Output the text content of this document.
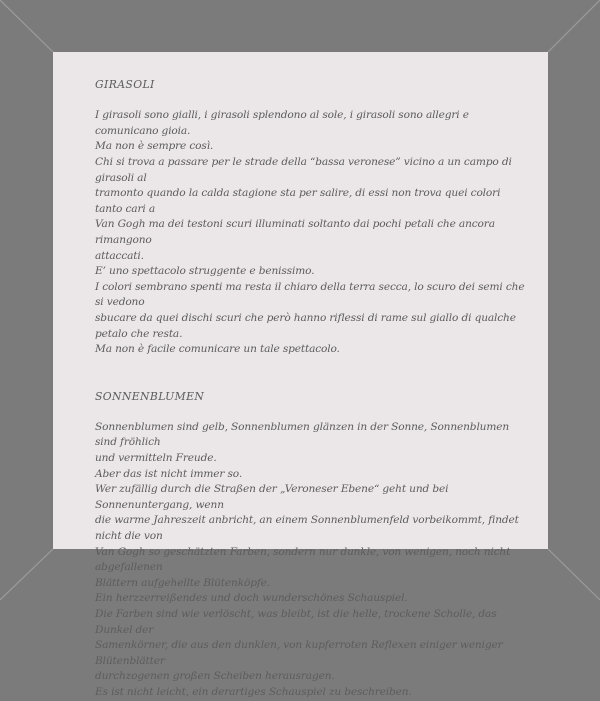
GIRASOLI
I girasoli sono gialli, i girasoli splendono al sole, i girasoli sono allegri e comunicano gioia.
Ma non è sempre così.
Chi si trova a passare per le strade della “bassa veronese” vicino a un campo di girasoli al
tramonto quando la calda stagione sta per salire, di essi non trova quei colori tanto cari a
Van Gogh ma dei testoni scuri illuminati soltanto dai pochi petali che ancora rimangono
attaccati.
E’ uno spettacolo struggente e benissimo.
I colori sembrano spenti ma resta il chiaro della terra secca, lo scuro dei semi che si vedono
sbucare da quei dischi scuri che però hanno riflessi di rame sul giallo di qualche petalo che resta.
Ma non è facile comunicare un tale spettacolo.
SONNENBLUMEN
Sonnenblumen sind gelb, Sonnenblumen glänzen in der Sonne, Sonnenblumen sind fröhlich
und vermitteln Freude.
Aber das ist nicht immer so.
Wer zufällig durch die Straßen der „Veroneser Ebene“ geht und bei Sonnenuntergang, wenn
die warme Jahreszeit anbricht, an einem Sonnenblumenfeld vorbeikommt, findet nicht die von
Van Gogh so geschätzten Farben, sondern nur dunkle, von wenigen, noch nicht abgefallenen
Blättern aufgehellte Blütenköpfe.
Ein herzzerreißendes und doch wunderschönes Schauspiel.
Die Farben sind wie verlöscht, was bleibt, ist die helle, trockene Scholle, das Dunkel der
Samenkörner, die aus den dunklen, von kupferroten Reflexen einiger weniger Blütenblätter
durchzogenen großen Scheiben herausragen.
Es ist nicht leicht, ein derartiges Schauspiel zu beschreiben.
